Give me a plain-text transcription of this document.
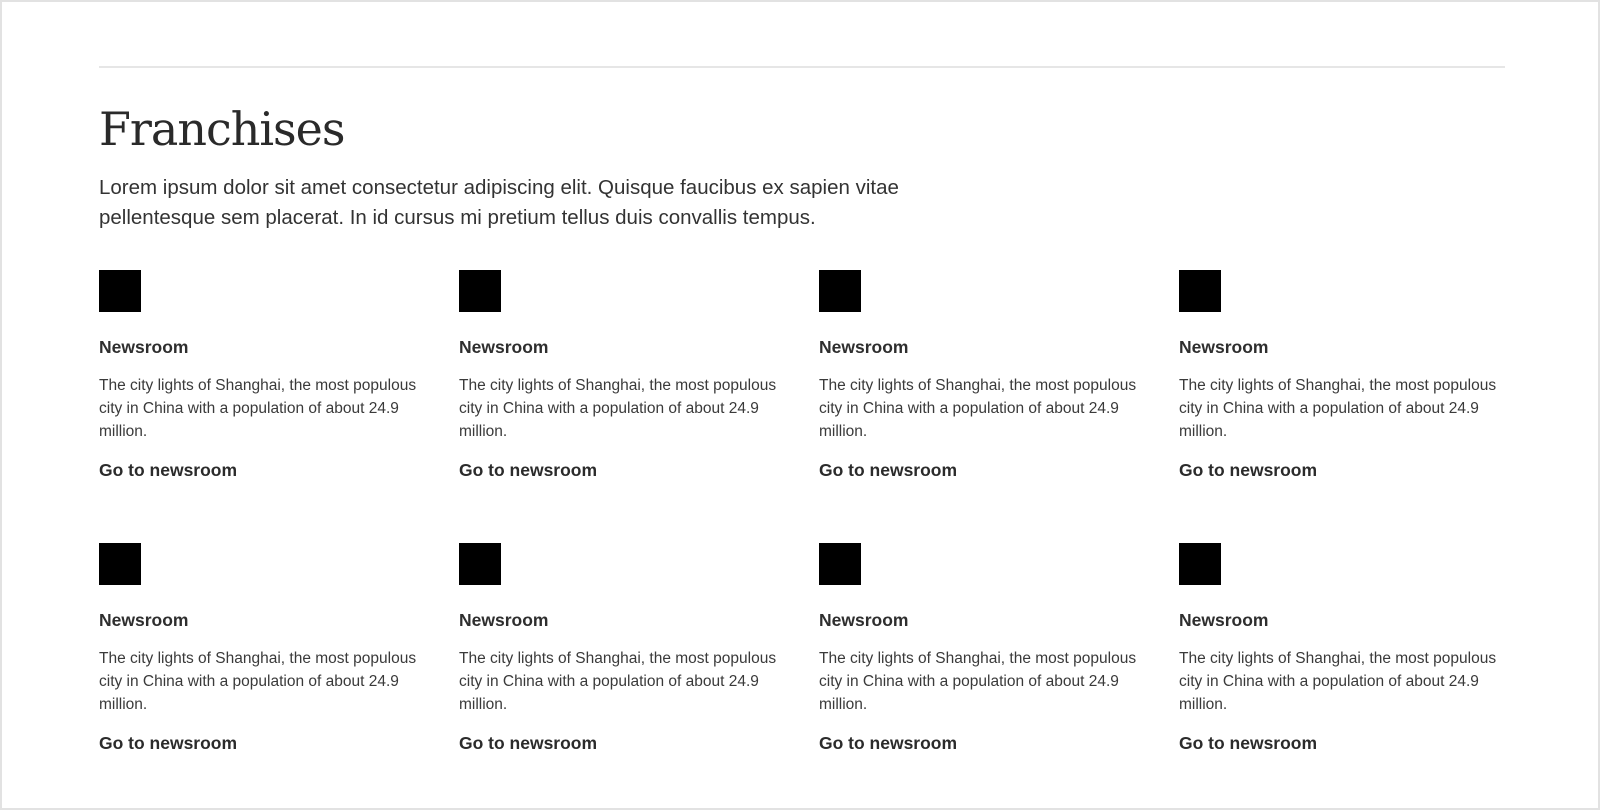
Franchises

Lorem ipsum dolor sit amet consectetur adipiscing elit. Quisque faucibus ex sapien vitae pellentesque sem placerat. In id cursus mi pretium tellus duis convallis tempus.

Newsroom

The city lights of Shanghai, the most populous city in China with a population of about 24.9 million.

Go to newsroom
Newsroom

The city lights of Shanghai, the most populous city in China with a population of about 24.9 million.

Go to newsroom
Newsroom

The city lights of Shanghai, the most populous city in China with a population of about 24.9 million.

Go to newsroom
Newsroom

The city lights of Shanghai, the most populous city in China with a population of about 24.9 million.

Go to newsroom
Newsroom

The city lights of Shanghai, the most populous city in China with a population of about 24.9 million.

Go to newsroom
Newsroom

The city lights of Shanghai, the most populous city in China with a population of about 24.9 million.

Go to newsroom
Newsroom

The city lights of Shanghai, the most populous city in China with a population of about 24.9 million.

Go to newsroom
Newsroom

The city lights of Shanghai, the most populous city in China with a population of about 24.9 million.

Go to newsroom
